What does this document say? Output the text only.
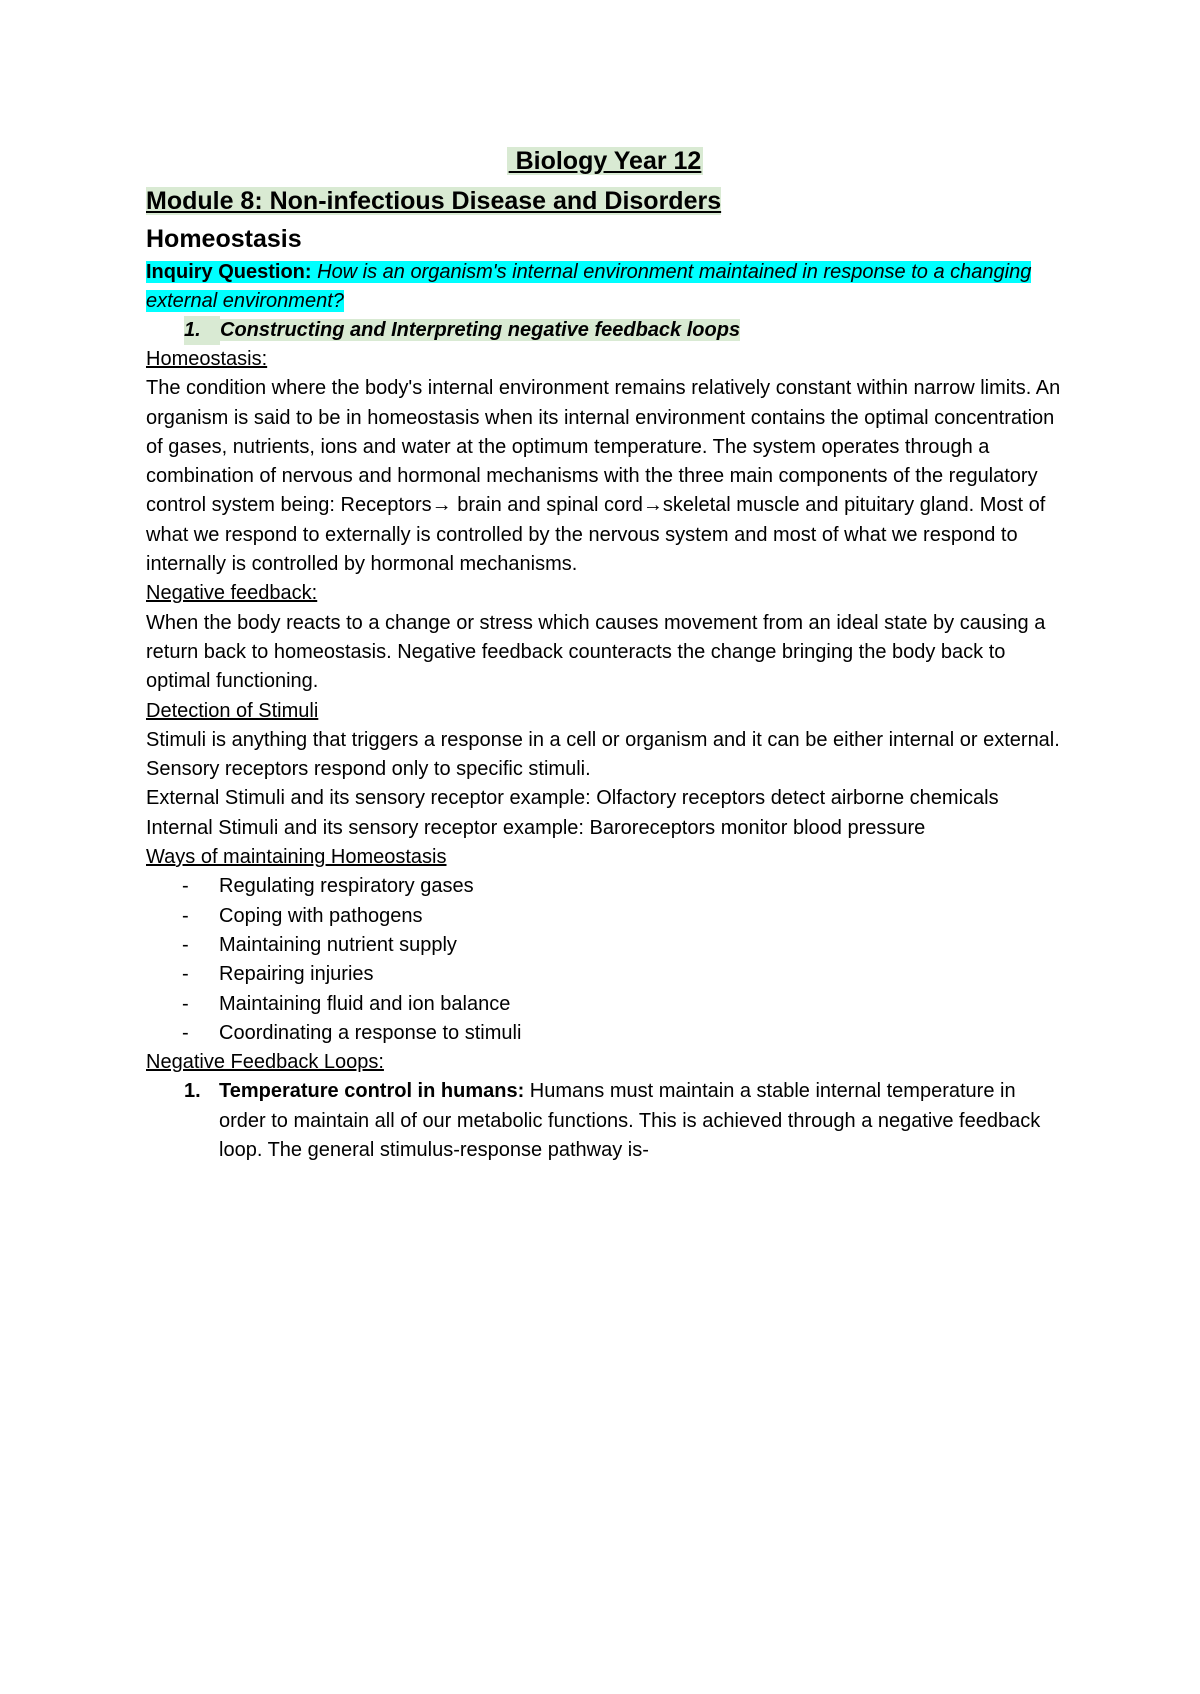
Biology Year 12
Module 8: Non-infectious Disease and Disorders
Homeostasis

Inquiry Question: How is an organism's internal environment maintained in response to a changing external environment?

1. Constructing and Interpreting negative feedback loops

Homeostasis:

The condition where the body's internal environment remains relatively constant within narrow limits. An organism is said to be in homeostasis when its internal environment contains the optimal concentration of gases, nutrients, ions and water at the optimum temperature. The system operates through a combination of nervous and hormonal mechanisms with the three main components of the regulatory control system being: Receptors→ brain and spinal cord→skeletal muscle and pituitary gland. Most of what we respond to externally is controlled by the nervous system and most of what we respond to internally is controlled by hormonal mechanisms.

Negative feedback:

When the body reacts to a change or stress which causes movement from an ideal state by causing a return back to homeostasis. Negative feedback counteracts the change bringing the body back to optimal functioning.

Detection of Stimuli

Stimuli is anything that triggers a response in a cell or organism and it can be either internal or external. Sensory receptors respond only to specific stimuli.

External Stimuli and its sensory receptor example: Olfactory receptors detect airborne chemicals

Internal Stimuli and its sensory receptor example: Baroreceptors monitor blood pressure

Ways of maintaining Homeostasis

- Regulating respiratory gases
- Coping with pathogens
- Maintaining nutrient supply
- Repairing injuries
- Maintaining fluid and ion balance
- Coordinating a response to stimuli

Negative Feedback Loops:

1. Temperature control in humans: Humans must maintain a stable internal temperature in order to maintain all of our metabolic functions. This is achieved through a negative feedback loop. The general stimulus-response pathway is-
